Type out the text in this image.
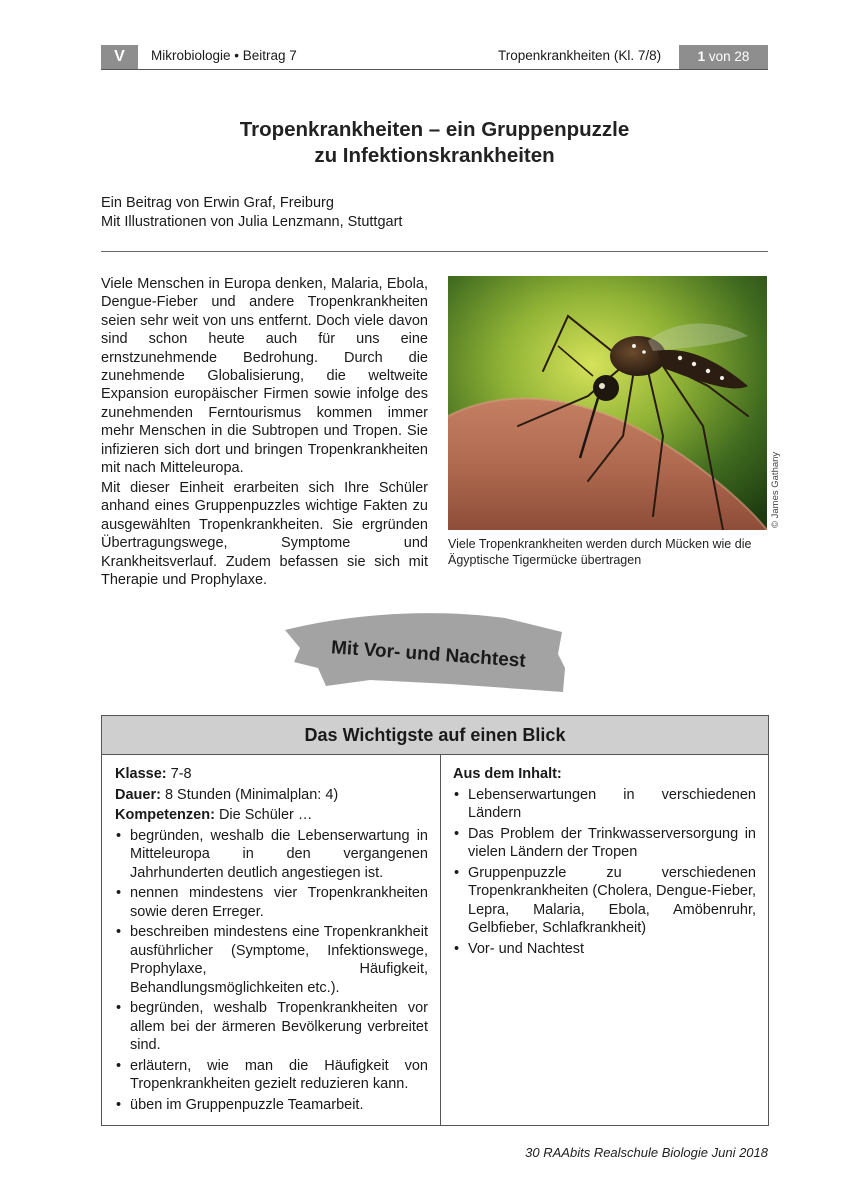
V	Mikrobiologie • Beitrag 7	Tropenkrankheiten (Kl. 7/8)	1 von 28
Tropenkrankheiten – ein Gruppenpuzzle
zu Infektionskrankheiten
Ein Beitrag von Erwin Graf, Freiburg
Mit Illustrationen von Julia Lenzmann, Stuttgart
Viele Menschen in Europa denken, Malaria, Ebola, Dengue-Fieber und andere Tropenkrankheiten seien sehr weit von uns entfernt. Doch viele davon sind schon heute auch für uns eine ernstzunehmende Bedrohung. Durch die zunehmende Globalisierung, die weltweite Expansion europäischer Firmen sowie infolge des zunehmenden Ferntourismus kommen immer mehr Menschen in die Subtropen und Tropen. Sie infizieren sich dort und bringen Tropenkrankheiten mit nach Mitteleuropa.
Mit dieser Einheit erarbeiten sich Ihre Schüler anhand eines Gruppenpuzzles wichtige Fakten zu ausgewählten Tropenkrankheiten. Sie ergründen Übertragungswege, Symptome und Krankheitsverlauf. Zudem befassen sie sich mit Therapie und Prophylaxe.
© James Gathany
Viele Tropenkrankheiten werden durch Mücken wie die Ägyptische Tigermücke übertragen
Mit Vor- und Nachtest
Das Wichtigste auf einen Blick
Klasse: 7-8
Dauer: 8 Stunden (Minimalplan: 4)
Kompetenzen: Die Schüler …
• begründen, weshalb die Lebenserwartung in Mitteleuropa in den vergangenen Jahrhunderten deutlich angestiegen ist.
• nennen mindestens vier Tropenkrankheiten sowie deren Erreger.
• beschreiben mindestens eine Tropenkrankheit ausführlicher (Symptome, Infektionswege, Prophylaxe, Häufigkeit, Behandlungsmöglichkeiten etc.).
• begründen, weshalb Tropenkrankheiten vor allem bei der ärmeren Bevölkerung verbreitet sind.
• erläutern, wie man die Häufigkeit von Tropenkrankheiten gezielt reduzieren kann.
• üben im Gruppenpuzzle Teamarbeit.
Aus dem Inhalt:
• Lebenserwartungen in verschiedenen Ländern
• Das Problem der Trinkwasserversorgung in vielen Ländern der Tropen
• Gruppenpuzzle zu verschiedenen Tropenkrankheiten (Cholera, Dengue-Fieber, Lepra, Malaria, Ebola, Amöbenruhr, Gelbfieber, Schlafkrankheit)
• Vor- und Nachtest
30 RAAbits Realschule Biologie Juni 2018
